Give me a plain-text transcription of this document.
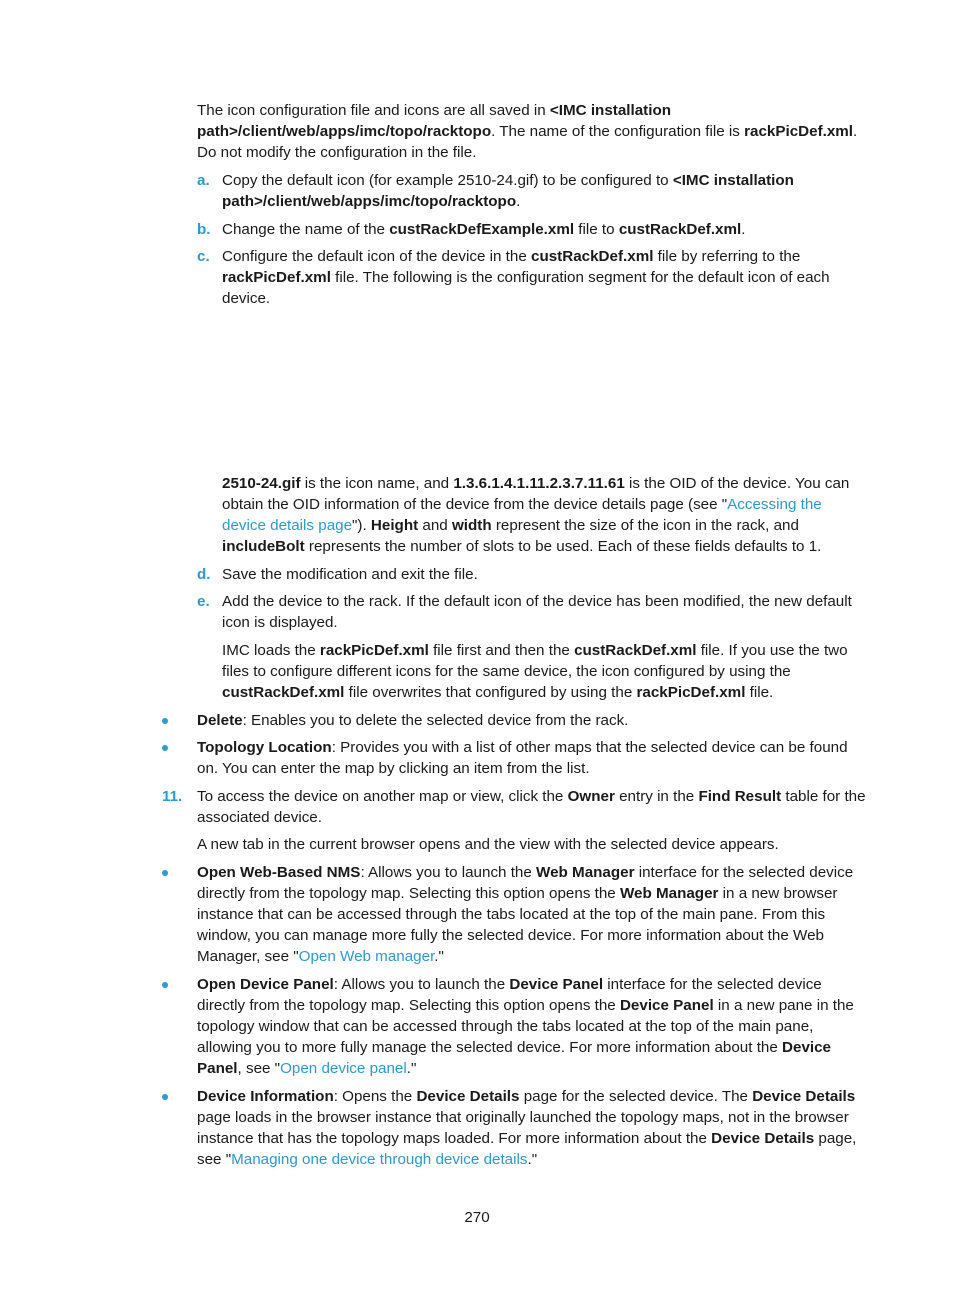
The icon configuration file and icons are all saved in <IMC installation path>/client/web/apps/imc/topo/racktopo. The name of the configuration file is rackPicDef.xml. Do not modify the configuration in the file.

a. Copy the default icon (for example 2510-24.gif) to be configured to <IMC installation path>/client/web/apps/imc/topo/racktopo.

b. Change the name of the custRackDefExample.xml file to custRackDef.xml.

c. Configure the default icon of the device in the custRackDef.xml file by referring to the rackPicDef.xml file. The following is the configuration segment for the default icon of each device.

2510-24.gif is the icon name, and 1.3.6.1.4.1.11.2.3.7.11.61 is the OID of the device. You can obtain the OID information of the device from the device details page (see "Accessing the device details page"). Height and width represent the size of the icon in the rack, and includeBolt represents the number of slots to be used. Each of these fields defaults to 1.

d. Save the modification and exit the file.

e. Add the device to the rack. If the default icon of the device has been modified, the new default icon is displayed.

IMC loads the rackPicDef.xml file first and then the custRackDef.xml file. If you use the two files to configure different icons for the same device, the icon configured by using the custRackDef.xml file overwrites that configured by using the rackPicDef.xml file.

Delete: Enables you to delete the selected device from the rack.

Topology Location: Provides you with a list of other maps that the selected device can be found on. You can enter the map by clicking an item from the list.

11. To access the device on another map or view, click the Owner entry in the Find Result table for the associated device.

A new tab in the current browser opens and the view with the selected device appears.

Open Web-Based NMS: Allows you to launch the Web Manager interface for the selected device directly from the topology map. Selecting this option opens the Web Manager in a new browser instance that can be accessed through the tabs located at the top of the main pane. From this window, you can manage more fully the selected device. For more information about the Web Manager, see "Open Web manager."

Open Device Panel: Allows you to launch the Device Panel interface for the selected device directly from the topology map. Selecting this option opens the Device Panel in a new pane in the topology window that can be accessed through the tabs located at the top of the main pane, allowing you to more fully manage the selected device. For more information about the Device Panel, see "Open device panel."

Device Information: Opens the Device Details page for the selected device. The Device Details page loads in the browser instance that originally launched the topology maps, not in the browser instance that has the topology maps loaded. For more information about the Device Details page, see "Managing one device through device details."

270
